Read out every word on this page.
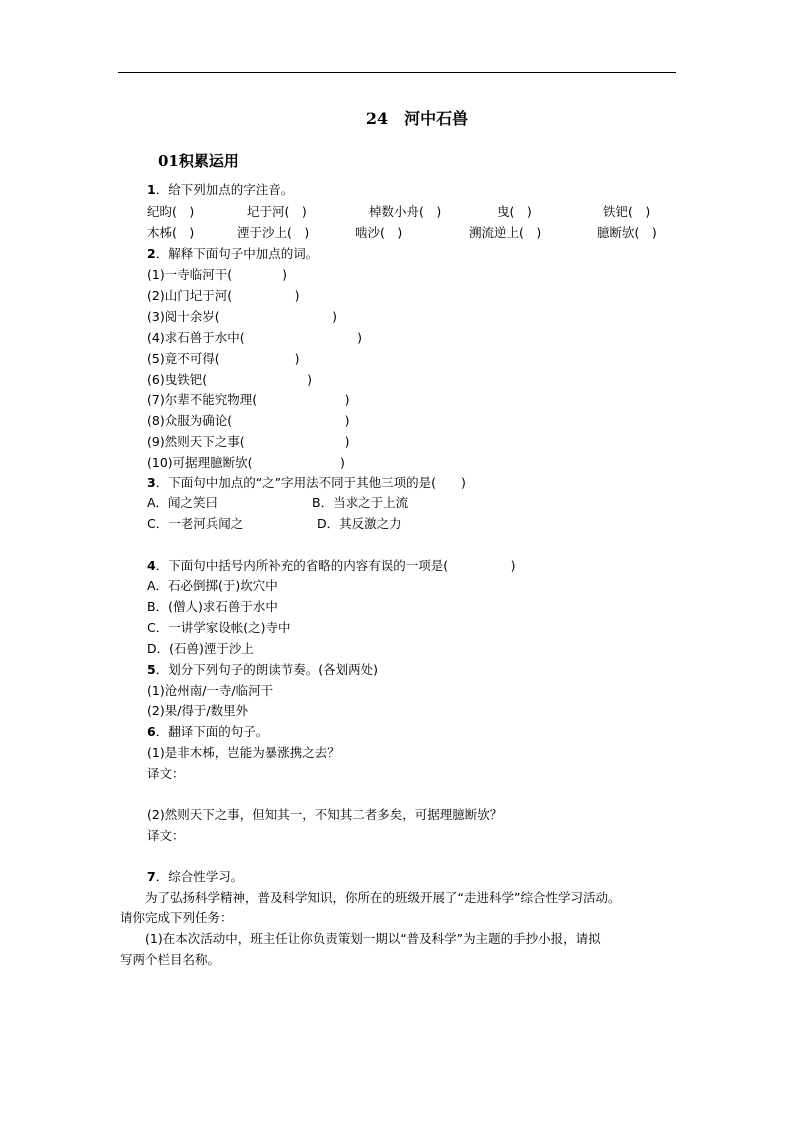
24　河中石兽
01积累运用
1．给下列加点的字注音。
纪昀(　)	圮于河(　)	棹数小舟(　)	曳(　)	铁钯(　)
木柹(　)	湮于沙上(　)	啮沙(　)	溯流逆上(　)	臆断欤(　)
2．解释下面句子中加点的词。
(1)一寺临河干(　　　　)
(2)山门圮于河(　　　　　)
(3)阅十余岁(　　　　　　　　　)
(4)求石兽于水中(　　　　　　　　　)
(5)竟不可得(　　　　　　)
(6)曳铁钯(　　　　　　　　)
(7)尔辈不能究物理(　　　　　　　)
(8)众服为确论(　　　　　　　　　)
(9)然则天下之事(　　　　　　　　)
(10)可据理臆断欤(　　　　　　　)
3．下面句中加点的“之”字用法不同于其他三项的是(　　)
A．闻之笑曰	B．当求之于上流
C．一老河兵闻之	D．其反激之力
4．下面句中括号内所补充的省略的内容有误的一项是(　　　　　)
A．石必倒掷(于)坎穴中
B．(僧人)求石兽于水中
C．一讲学家设帐(之)寺中
D．(石兽)湮于沙上
5．划分下列句子的朗读节奏。(各划两处)
(1)沧州南/一寺/临河干
(2)果/得于/数里外
6．翻译下面的句子。
(1)是非木柹，岂能为暴涨携之去？
译文：
(2)然则天下之事，但知其一，不知其二者多矣，可据理臆断欤？
译文：
7．综合性学习。
　　为了弘扬科学精神，普及科学知识，你所在的班级开展了“走进科学”综合性学习活动。
请你完成下列任务：
　　(1)在本次活动中，班主任让你负责策划一期以“普及科学”为主题的手抄小报，请拟
写两个栏目名称。
